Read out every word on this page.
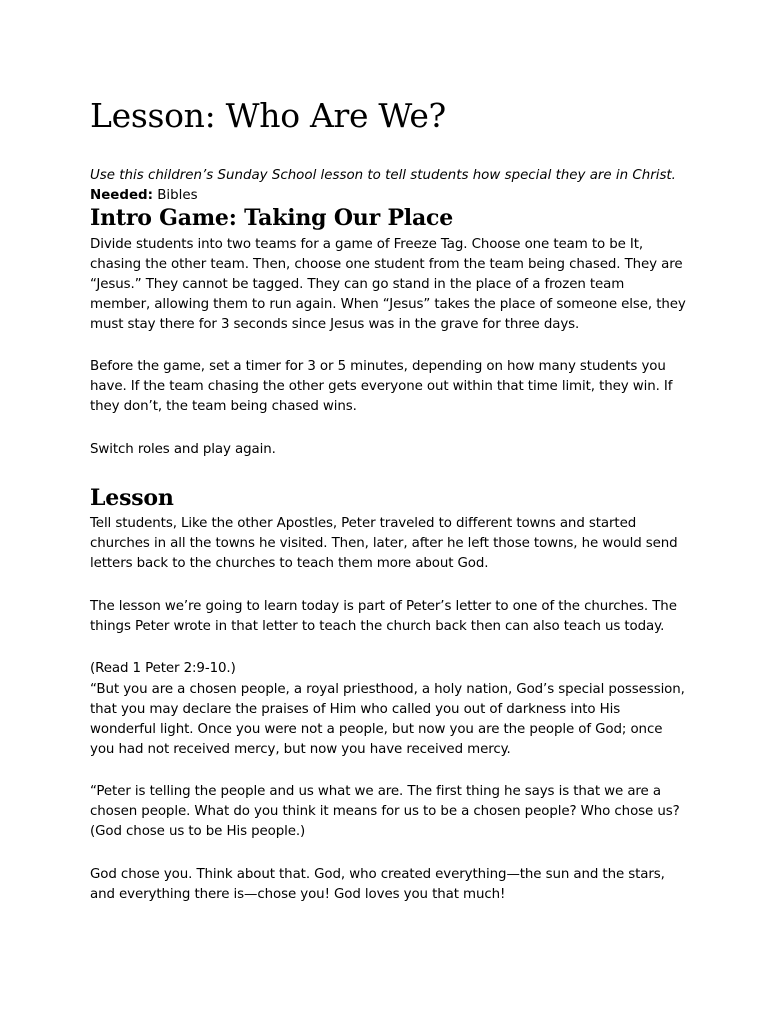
Lesson: Who Are We?

Use this children’s Sunday School lesson to tell students how special they are in Christ.
Needed: Bibles

Intro Game: Taking Our Place

Divide students into two teams for a game of Freeze Tag. Choose one team to be It, chasing the other team. Then, choose one student from the team being chased. They are “Jesus.” They cannot be tagged. They can go stand in the place of a frozen team member, allowing them to run again. When “Jesus” takes the place of someone else, they must stay there for 3 seconds since Jesus was in the grave for three days.

Before the game, set a timer for 3 or 5 minutes, depending on how many students you have. If the team chasing the other gets everyone out within that time limit, they win. If they don’t, the team being chased wins.

Switch roles and play again.

Lesson

Tell students, Like the other Apostles, Peter traveled to different towns and started churches in all the towns he visited. Then, later, after he left those towns, he would send letters back to the churches to teach them more about God.

The lesson we’re going to learn today is part of Peter’s letter to one of the churches. The things Peter wrote in that letter to teach the church back then can also teach us today.

(Read 1 Peter 2:9-10.)

“But you are a chosen people, a royal priesthood, a holy nation, God’s special possession, that you may declare the praises of Him who called you out of darkness into His wonderful light. Once you were not a people, but now you are the people of God; once you had not received mercy, but now you have received mercy.

“Peter is telling the people and us what we are. The first thing he says is that we are a chosen people. What do you think it means for us to be a chosen people? Who chose us? (God chose us to be His people.)

God chose you. Think about that. God, who created everything—the sun and the stars, and everything there is—chose you! God loves you that much!
